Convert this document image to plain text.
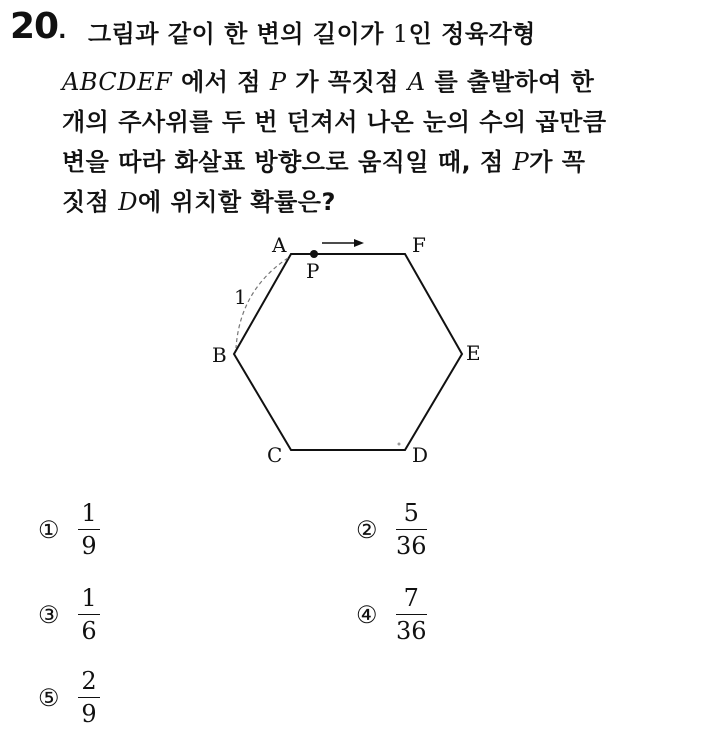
20. 그림과 같이 한 변의 길이가 1인 정육각형
ABCDEF 에서 점 P 가 꼭짓점 A 를 출발하여 한
개의 주사위를 두 번 던져서 나온 눈의 수의 곱만큼
변을 따라 화살표 방향으로 움직일 때, 점 P가 꼭
짓점 D에 위치할 확률은?
A	F
E
B
C	D
P
1
① $\frac{1}{9}$	② $\frac{5}{36}$
③ $\frac{1}{6}$	④ $\frac{7}{36}$
⑤ $\frac{2}{9}$
